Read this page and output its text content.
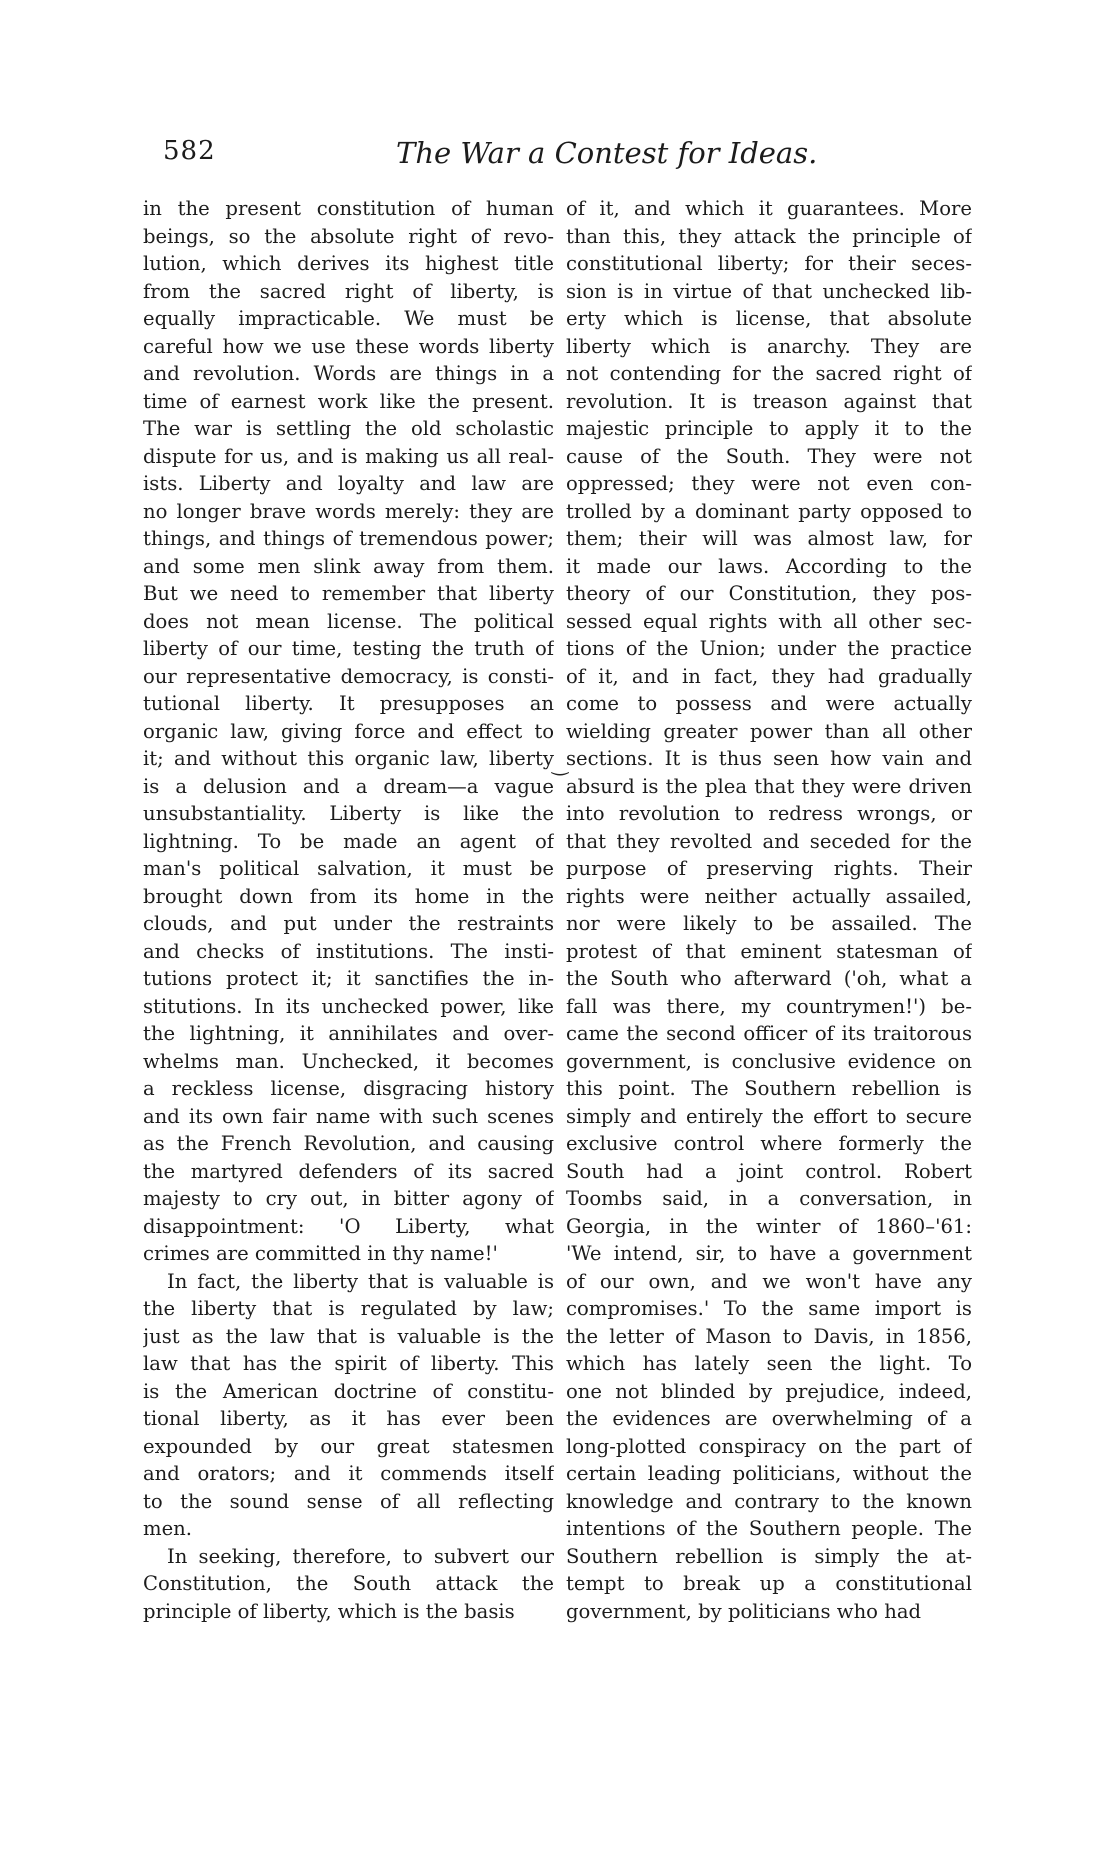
582	The War a Contest for Ideas.
in the present constitution of human
beings, so the absolute right of revo-
lution, which derives its highest title
from the sacred right of liberty, is
equally impracticable. We must be
careful how we use these words liberty
and revolution. Words are things in a
time of earnest work like the present.
The war is settling the old scholastic
dispute for us, and is making us all real-
ists. Liberty and loyalty and law are
no longer brave words merely: they are
things, and things of tremendous power;
and some men slink away from them.
But we need to remember that liberty
does not mean license. The political
liberty of our time, testing the truth of
our representative democracy, is consti-
tutional liberty. It presupposes an
organic law, giving force and effect to
it; and without this organic law, liberty
is a delusion and a dream—a vague
unsubstantiality. Liberty is like the
lightning. To be made an agent of
man's political salvation, it must be
brought down from its home in the
clouds, and put under the restraints
and checks of institutions. The insti-
tutions protect it; it sanctifies the in-
stitutions. In its unchecked power, like
the lightning, it annihilates and over-
whelms man. Unchecked, it becomes
a reckless license, disgracing history
and its own fair name with such scenes
as the French Revolution, and causing
the martyred defenders of its sacred
majesty to cry out, in bitter agony of
disappointment: 'O Liberty, what
crimes are committed in thy name!'
In fact, the liberty that is valuable is
the liberty that is regulated by law;
just as the law that is valuable is the
law that has the spirit of liberty. This
is the American doctrine of constitu-
tional liberty, as it has ever been
expounded by our great statesmen
and orators; and it commends itself
to the sound sense of all reflecting
men.
In seeking, therefore, to subvert our
Constitution, the South attack the
principle of liberty, which is the basis
of it, and which it guarantees. More
than this, they attack the principle of
constitutional liberty; for their seces-
sion is in virtue of that unchecked lib-
erty which is license, that absolute
liberty which is anarchy. They are
not contending for the sacred right of
revolution. It is treason against that
majestic principle to apply it to the
cause of the South. They were not
oppressed; they were not even con-
trolled by a dominant party opposed to
them; their will was almost law, for
it made our laws. According to the
theory of our Constitution, they pos-
sessed equal rights with all other sec-
tions of the Union; under the practice
of it, and in fact, they had gradually
come to possess and were actually
wielding greater power than all other
sections. It is thus seen how vain and
absurd is the plea that they were driven
into revolution to redress wrongs, or
that they revolted and seceded for the
purpose of preserving rights. Their
rights were neither actually assailed,
nor were likely to be assailed. The
protest of that eminent statesman of
the South who afterward ('oh, what a
fall was there, my countrymen!') be-
came the second officer of its traitorous
government, is conclusive evidence on
this point. The Southern rebellion is
simply and entirely the effort to secure
exclusive control where formerly the
South had a joint control. Robert
Toombs said, in a conversation, in
Georgia, in the winter of 1860–'61:
'We intend, sir, to have a government
of our own, and we won't have any
compromises.' To the same import is
the letter of Mason to Davis, in 1856,
which has lately seen the light. To
one not blinded by prejudice, indeed,
the evidences are overwhelming of a
long-plotted conspiracy on the part of
certain leading politicians, without the
knowledge and contrary to the known
intentions of the Southern people. The
Southern rebellion is simply the at-
tempt to break up a constitutional
government, by politicians who had
‿
